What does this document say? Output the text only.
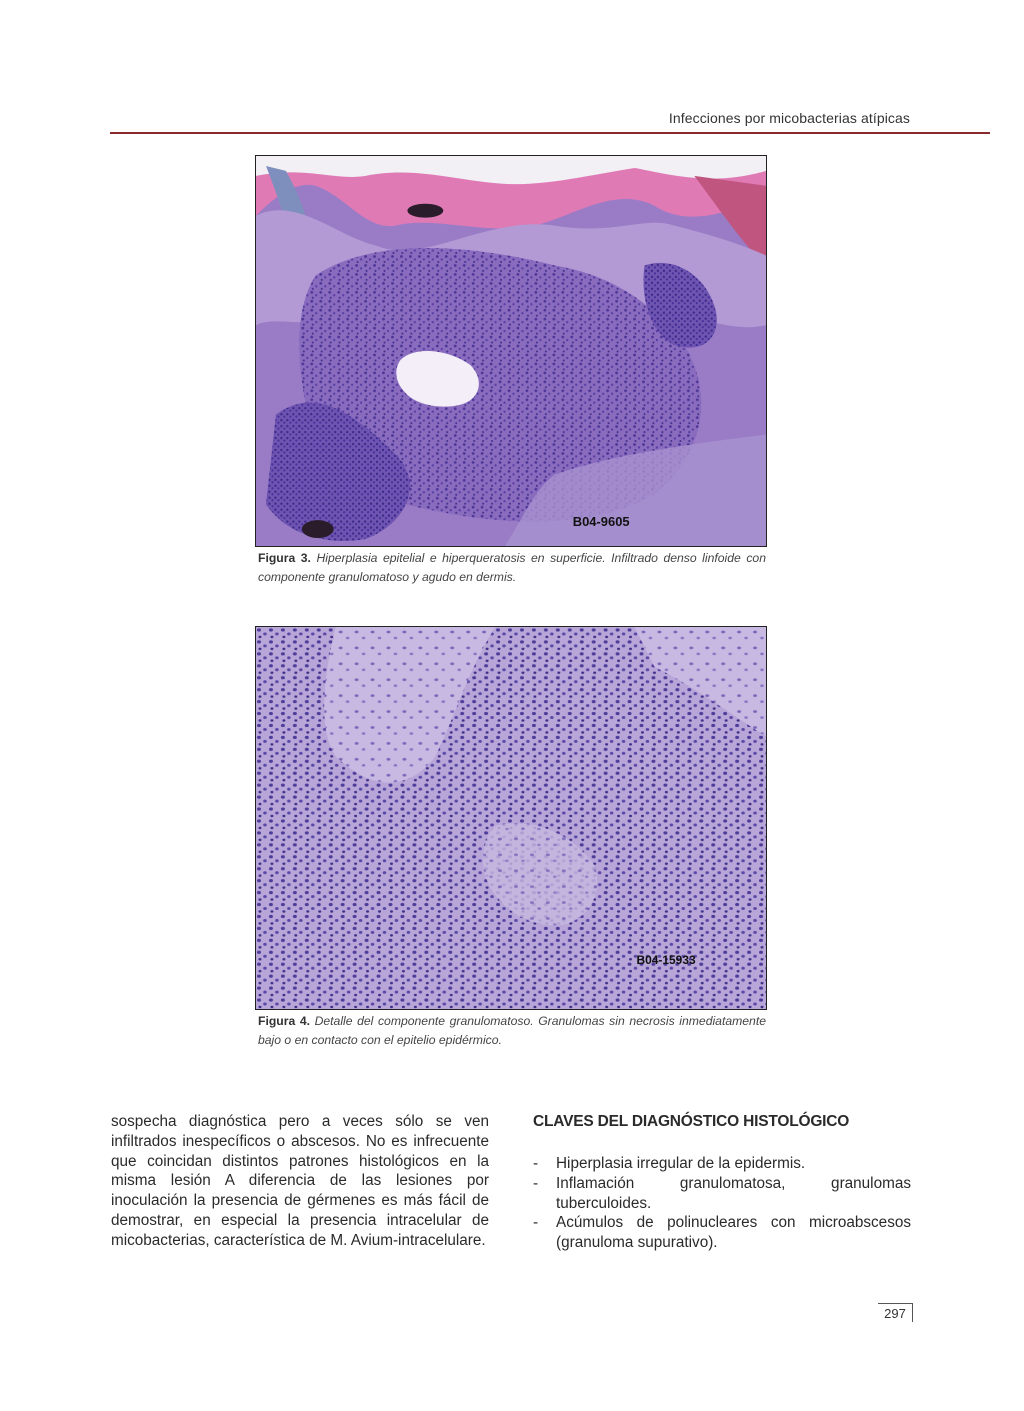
Infecciones por micobacterias atípicas
B04-9605
Figura 3. Hiperplasia epitelial e hiperqueratosis en superficie. Infiltrado denso linfoide con componente granulomatoso y agudo en dermis.
B04-15933
Figura 4. Detalle del componente granulomatoso. Granulomas sin necrosis inmediatamente bajo o en contacto con el epitelio epidérmico.
sospecha diagnóstica pero a veces sólo se ven infiltrados inespecíficos o abscesos. No es infrecuente que coincidan distintos patrones histológicos en la misma lesión A diferencia de las lesiones por inoculación la presencia de gérmenes es más fácil de demostrar, en especial la presencia intracelular de micobacterias, característica de M. Avium-intracelulare.
CLAVES DEL DIAGNÓSTICO HISTOLÓGICO
- Hiperplasia irregular de la epidermis.
- Inflamación granulomatosa, granulomas tuberculoides.
- Acúmulos de polinucleares con microabscesos (granuloma supurativo).
297
